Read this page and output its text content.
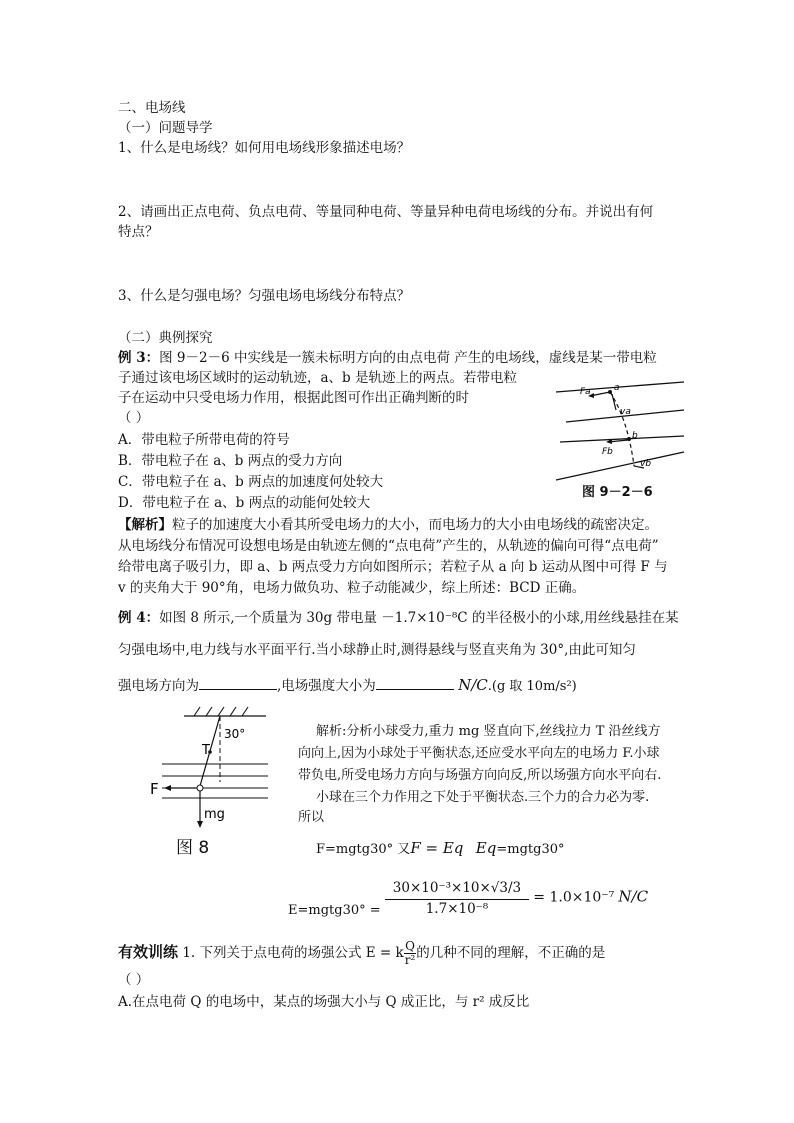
二、电场线
（一）问题导学
1、什么是电场线？如何用电场线形象描述电场？
2、请画出正点电荷、负点电荷、等量同种电荷、等量异种电荷电场线的分布。并说出有何
特点？
3、什么是匀强电场？匀强电场电场线分布特点？
（二）典例探究
例 3：图 9－2－6 中实线是一簇未标明方向的由点电荷 产生的电场线，虚线是某一带电粒
子通过该电场区域时的运动轨迹，a、b 是轨迹上的两点。若带电粒
子在运动中只受电场力作用，根据此图可作出正确判断的时
（ ）
A．带电粒子所带电荷的符号
B．带电粒子在 a、b 两点的受力方向
C．带电粒子在 a、b 两点的加速度何处较大
D．带电粒子在 a、b 两点的动能何处较大
Fa	a
va
b
Fb
vb
图 9－2－6
【解析】粒子的加速度大小看其所受电场力的大小，而电场力的大小由电场线的疏密决定。
从电场线分布情况可设想电场是由轨迹左侧的“点电荷”产生的，从轨迹的偏向可得“点电荷”
给带电离子吸引力，即 a、b 两点受力方向如图所示；若粒子从 a 向 b 运动从图中可得 F 与
v 的夹角大于 90°角，电场力做负功、粒子动能减少，综上所述：BCD 正确。
例 4：如图 8 所示,一个质量为 30g 带电量 －1.7×10⁻⁸C 的半径极小的小球,用丝线悬挂在某
匀强电场中,电力线与水平面平行.当小球静止时,测得悬线与竖直夹角为 30°,由此可知匀
强电场方向为	,电场强度大小为	N/C.(g 取 10m/s²)
30°
T
F
mg
图 8
解析:分析小球受力,重力 mg 竖直向下,丝线拉力 T 沿丝线方
向向上,因为小球处于平衡状态,还应受水平向左的电场力 F.小球
带负电,所受电场力方向与场强方向向反,所以场强方向水平向右.
小球在三个力作用之下处于平衡状态.三个力的合力必为零.
所以
F=mgtg30° 又F = Eq Eq=mgtg30°
E=mgtg30° = $\frac{\text{30×10⁻³×10×√3/3}}{\text{1.7×10⁻⁸}} = 1.0\times 10^{-7}$ N/C
有效训练 1. 下列关于点电荷的场强公式 E = k $\frac{Q}{\text{r²}}$ 的几种不同的理解，不正确的是
（ ）
A.在点电荷 Q 的电场中，某点的场强大小与 Q 成正比，与 r² 成反比
